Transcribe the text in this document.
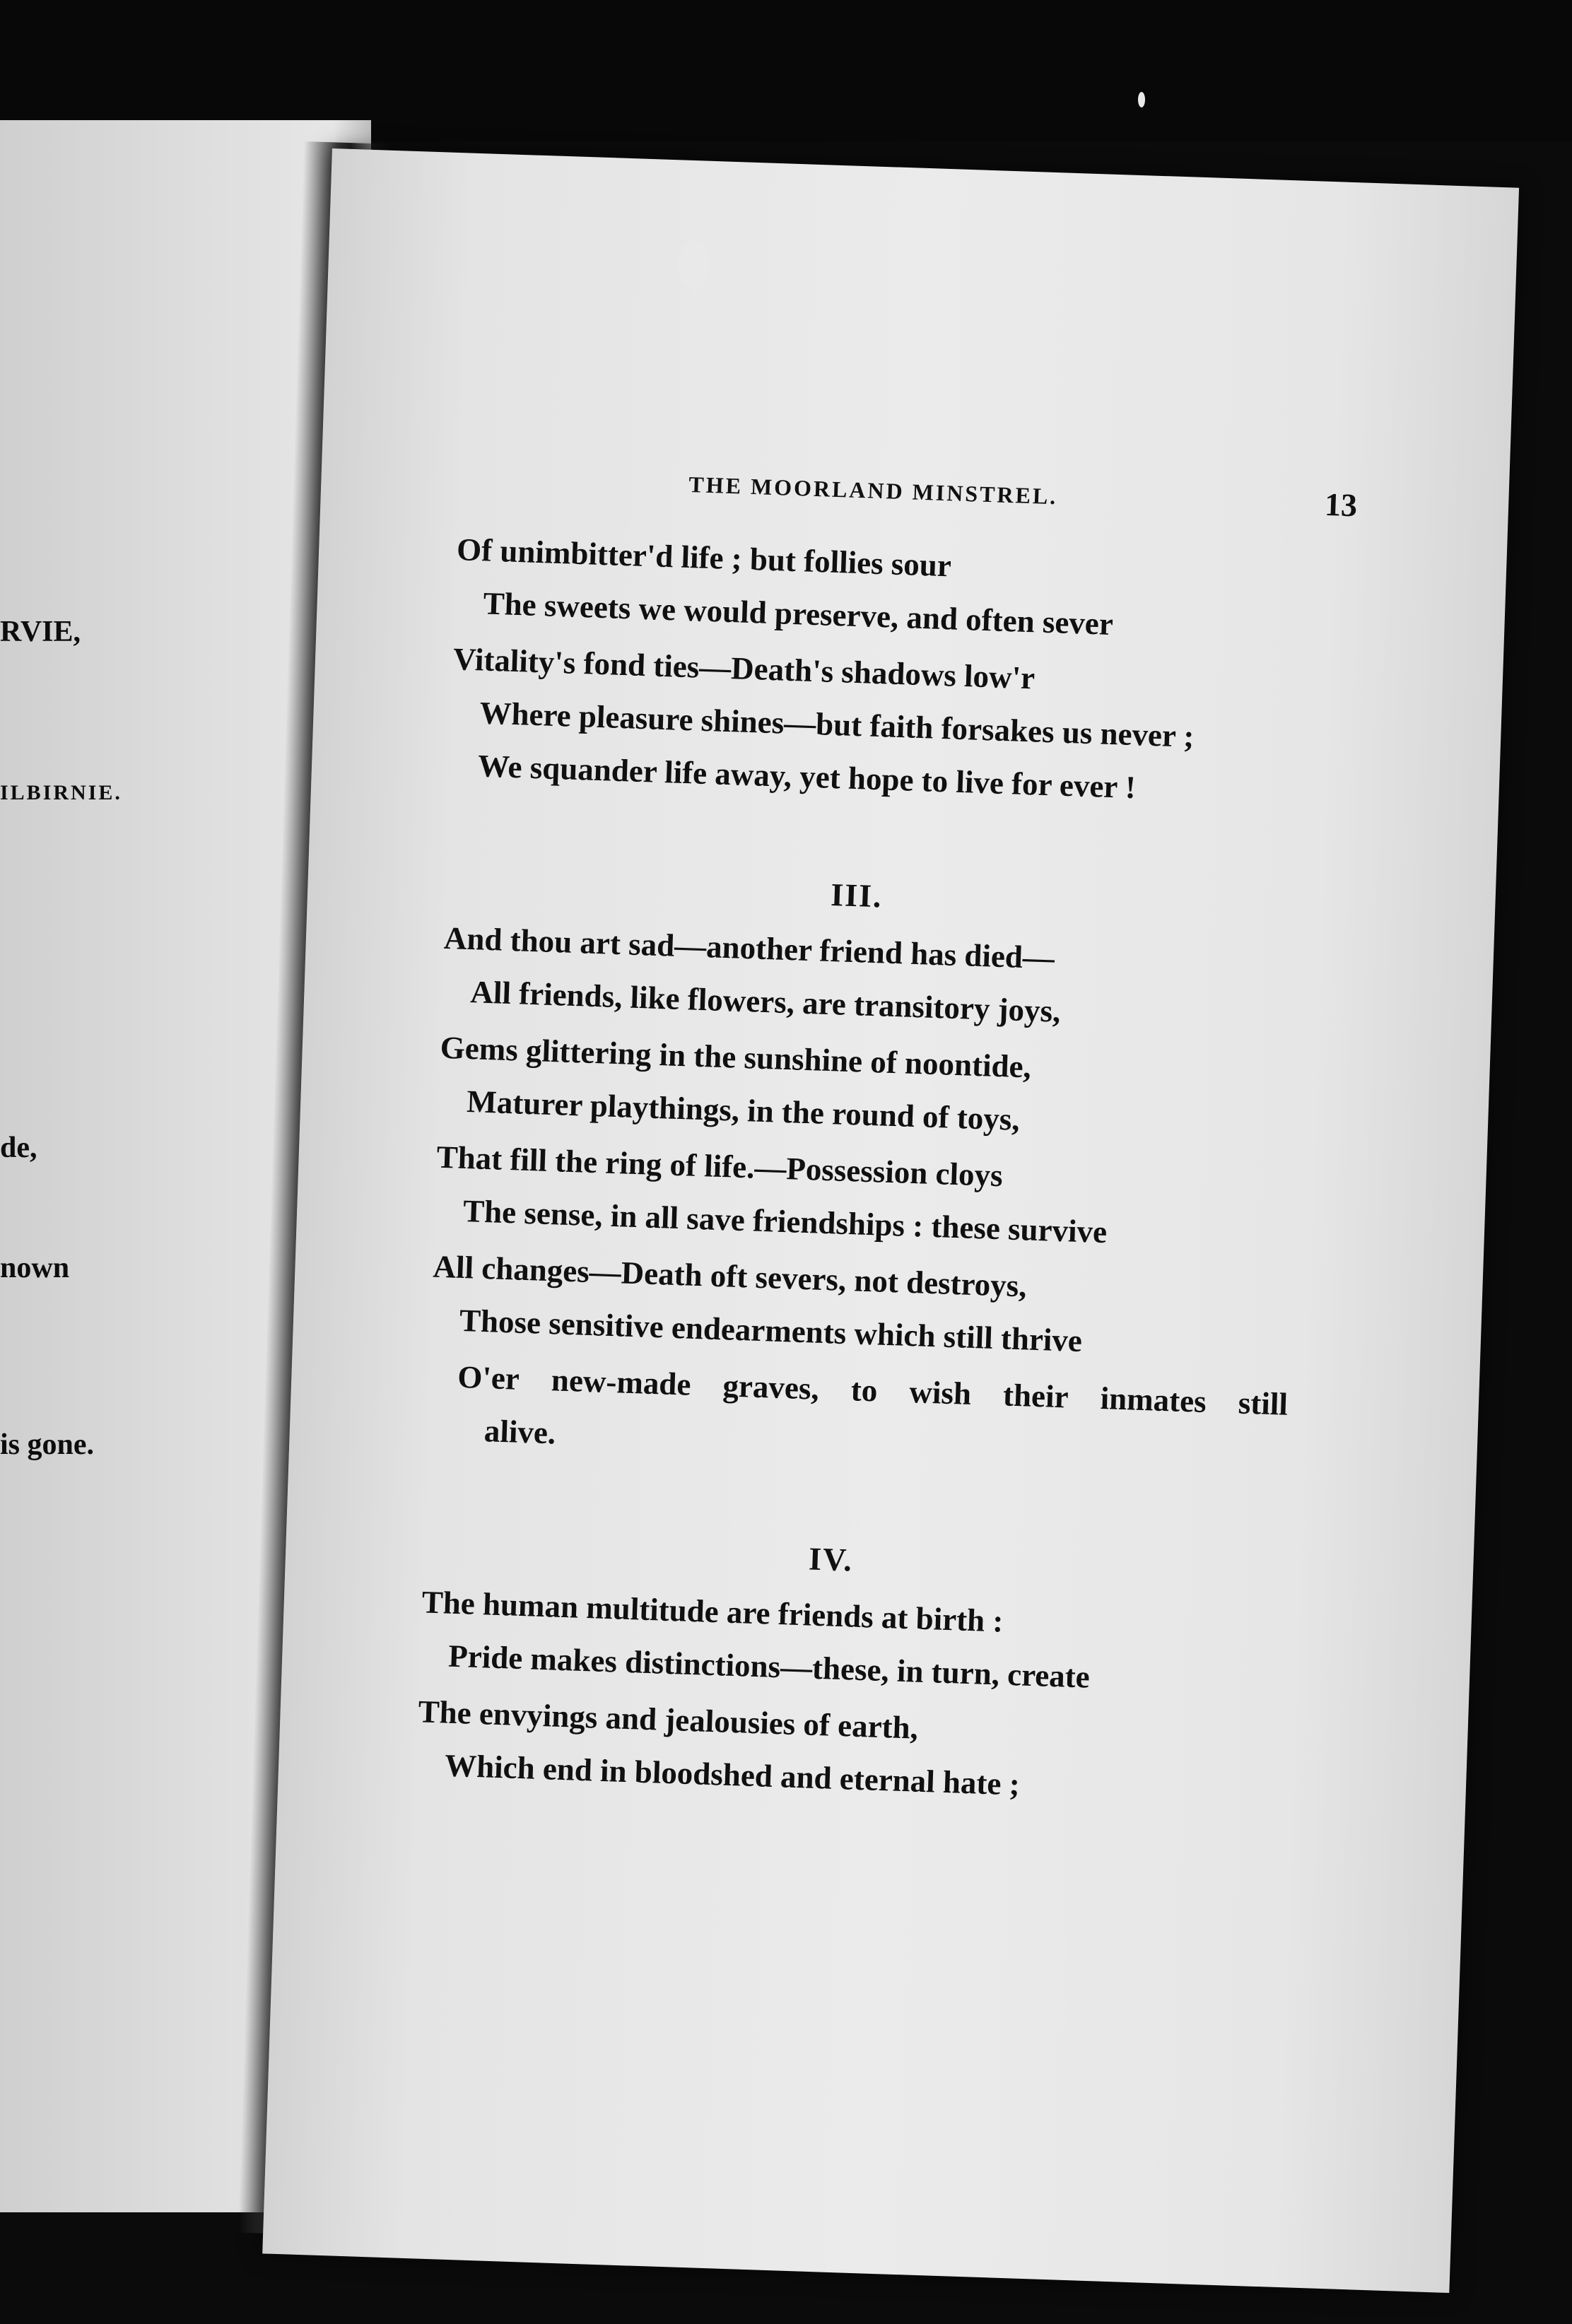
RVIE,
ILBIRNIE.
de,
nown
is gone.
THE MOORLAND MINSTREL.	13
Of unimbitter'd life ; but follies sour
The sweets we would preserve, and often sever
Vitality's fond ties—Death's shadows low'r
Where pleasure shines—but faith forsakes us never ;
We squander life away, yet hope to live for ever !
III.
And thou art sad—another friend has died—
All friends, like flowers, are transitory joys,
Gems glittering in the sunshine of noontide,
Maturer playthings, in the round of toys,
That fill the ring of life.—Possession cloys
The sense, in all save friendships : these survive
All changes—Death oft severs, not destroys,
Those sensitive endearments which still thrive
O'er new-made graves, to wish their inmates still
alive.
IV.
The human multitude are friends at birth :
Pride makes distinctions—these, in turn, create
The envyings and jealousies of earth,
Which end in bloodshed and eternal hate ;
